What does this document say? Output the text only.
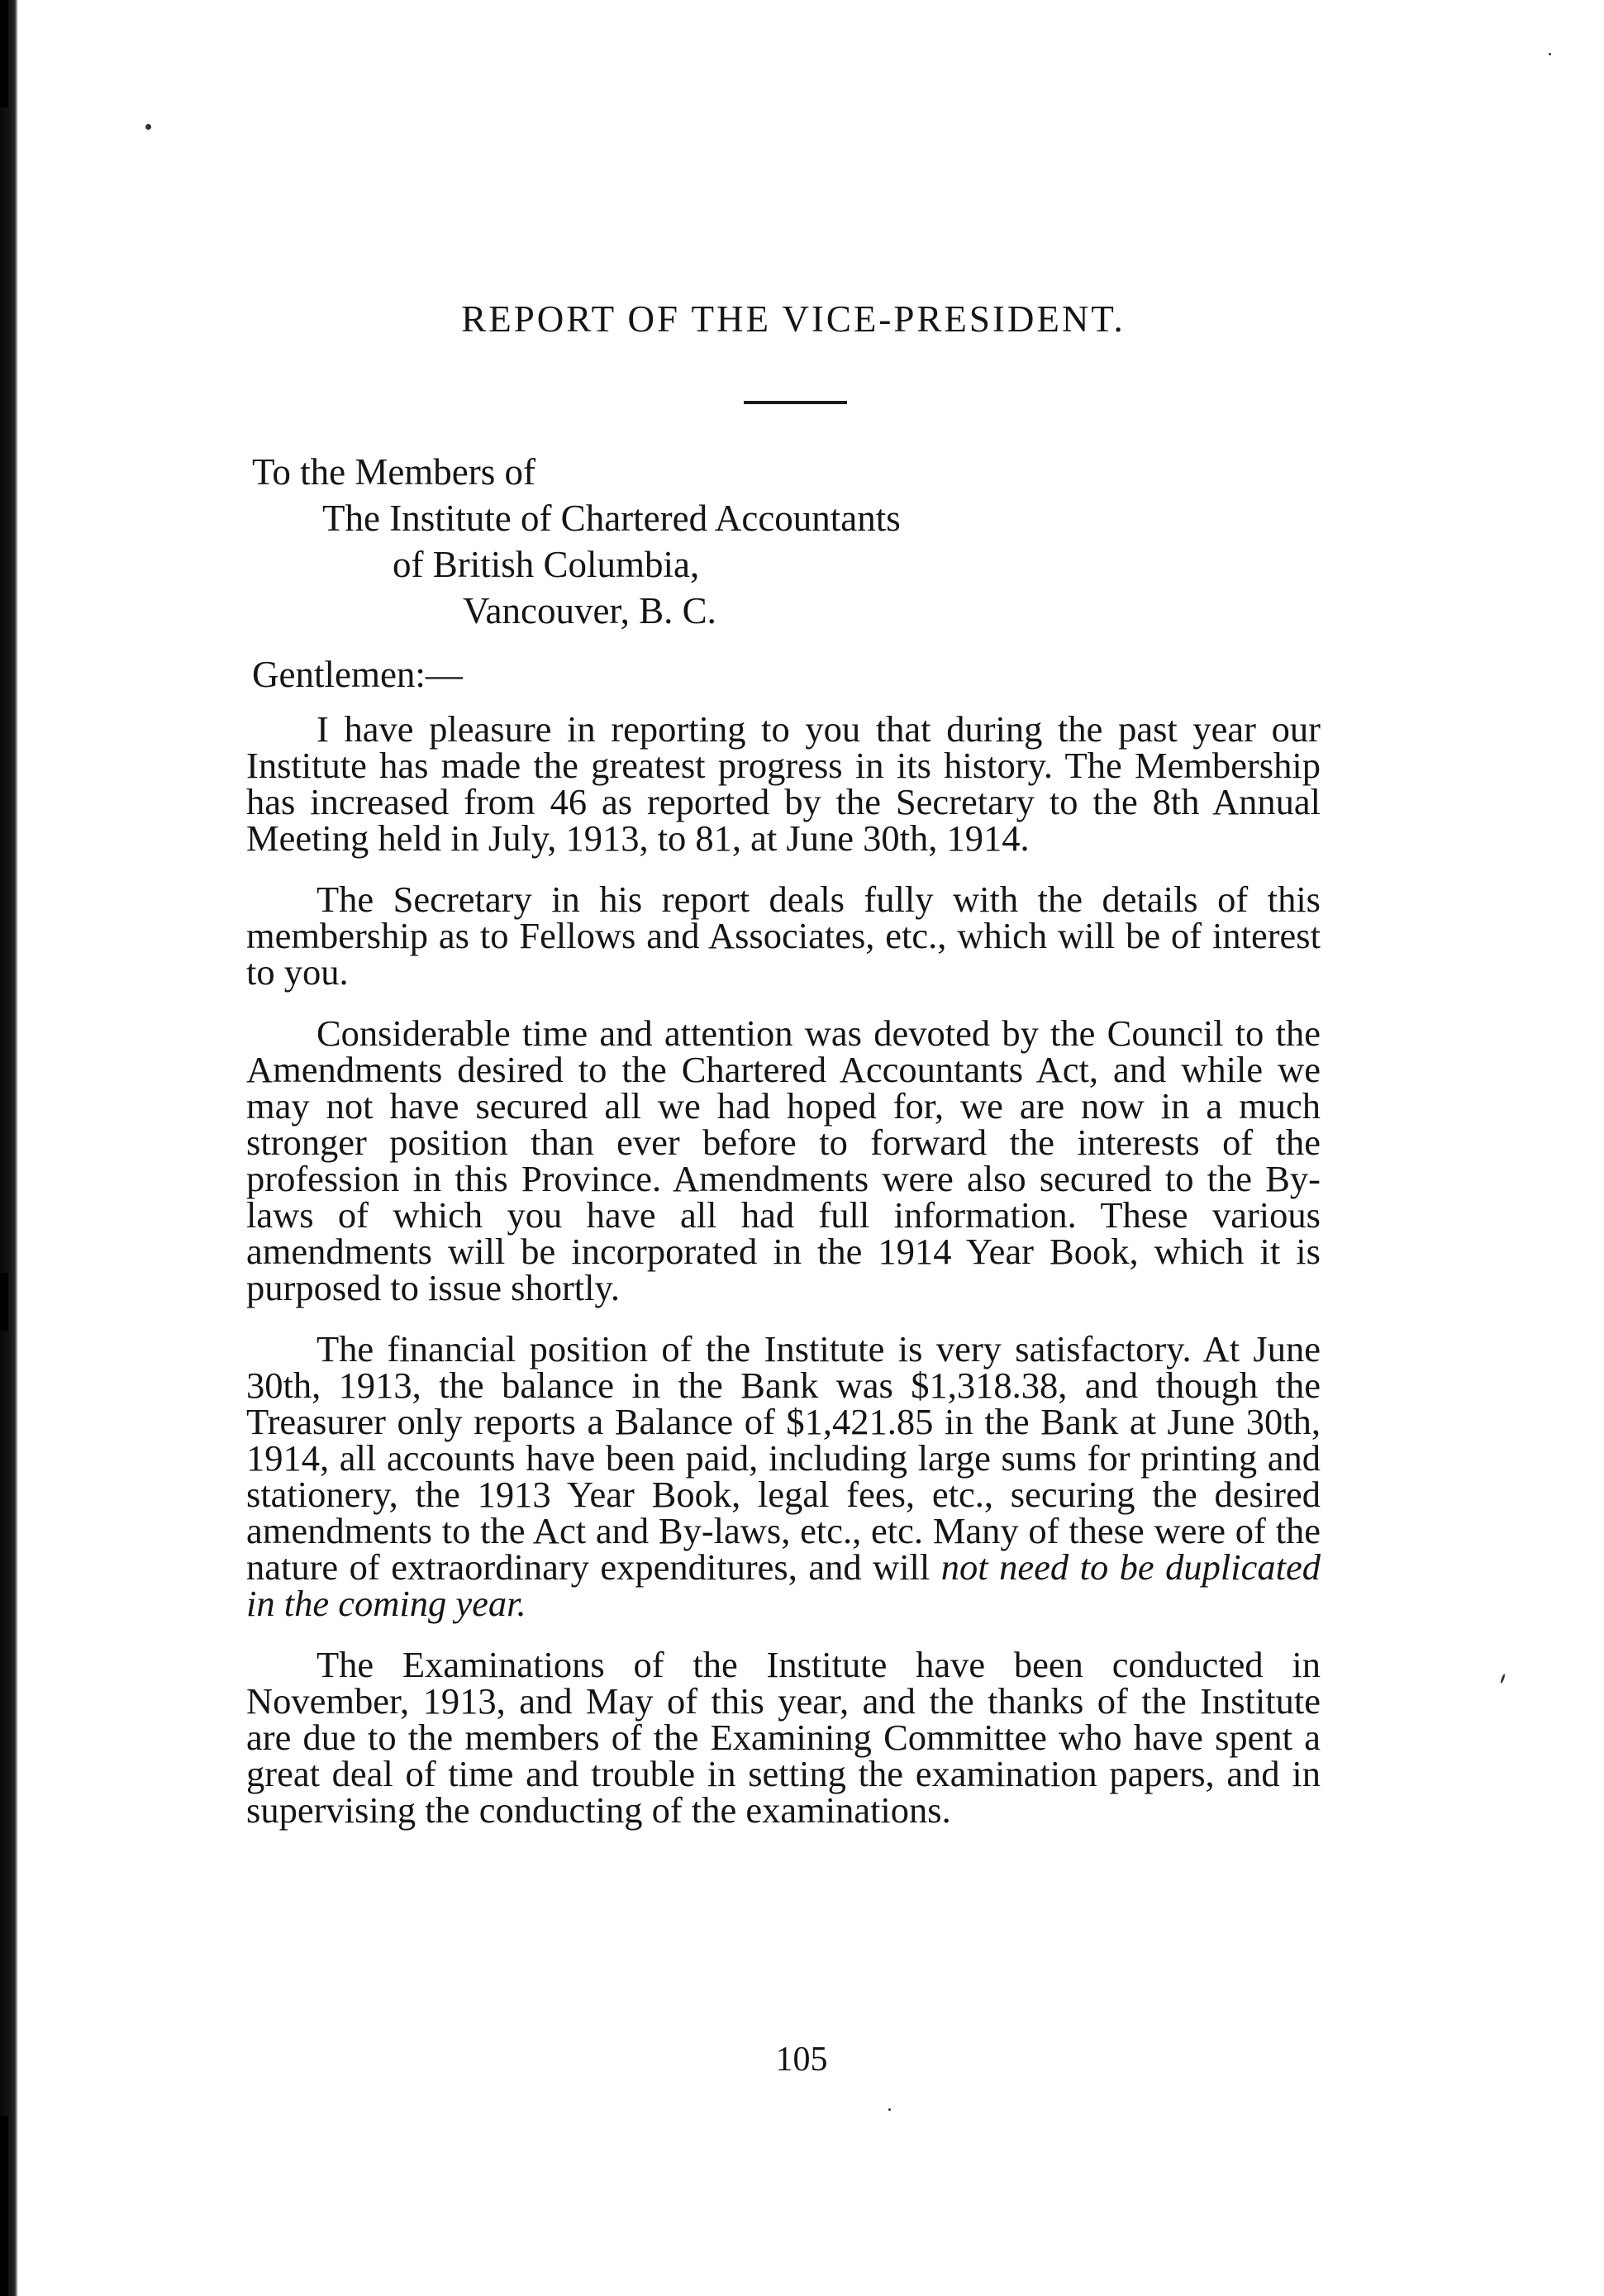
REPORT OF THE VICE-PRESIDENT.

To the Members of

The Institute of Chartered Accountants

of British Columbia,

Vancouver, B. C.

Gentlemen:—

I have pleasure in reporting to you that during the past year our Institute has made the greatest progress in its history. The Membership has increased from 46 as reported by the Secretary to the 8th Annual Meeting held in July, 1913, to 81, at June 30th, 1914.

The Secretary in his report deals fully with the details of this membership as to Fellows and Associates, etc., which will be of interest to you.

Considerable time and attention was devoted by the Council to the Amendments desired to the Chartered Accountants Act, and while we may not have secured all we had hoped for, we are now in a much stronger position than ever before to forward the interests of the profession in this Province. Amendments were also secured to the By-laws of which you have all had full information. These various amendments will be incorporated in the 1914 Year Book, which it is purposed to issue shortly.

The financial position of the Institute is very satisfactory. At June 30th, 1913, the balance in the Bank was $1,318.38, and though the Treasurer only reports a Balance of $1,421.85 in the Bank at June 30th, 1914, all accounts have been paid, including large sums for printing and stationery, the 1913 Year Book, legal fees, etc., securing the desired amendments to the Act and By-laws, etc., etc. Many of these were of the nature of extraordinary expenditures, and will not need to be duplicated in the coming year.

The Examinations of the Institute have been conducted in November, 1913, and May of this year, and the thanks of the Institute are due to the members of the Examining Committee who have spent a great deal of time and trouble in setting the examination papers, and in supervising the conducting of the examinations.

105
